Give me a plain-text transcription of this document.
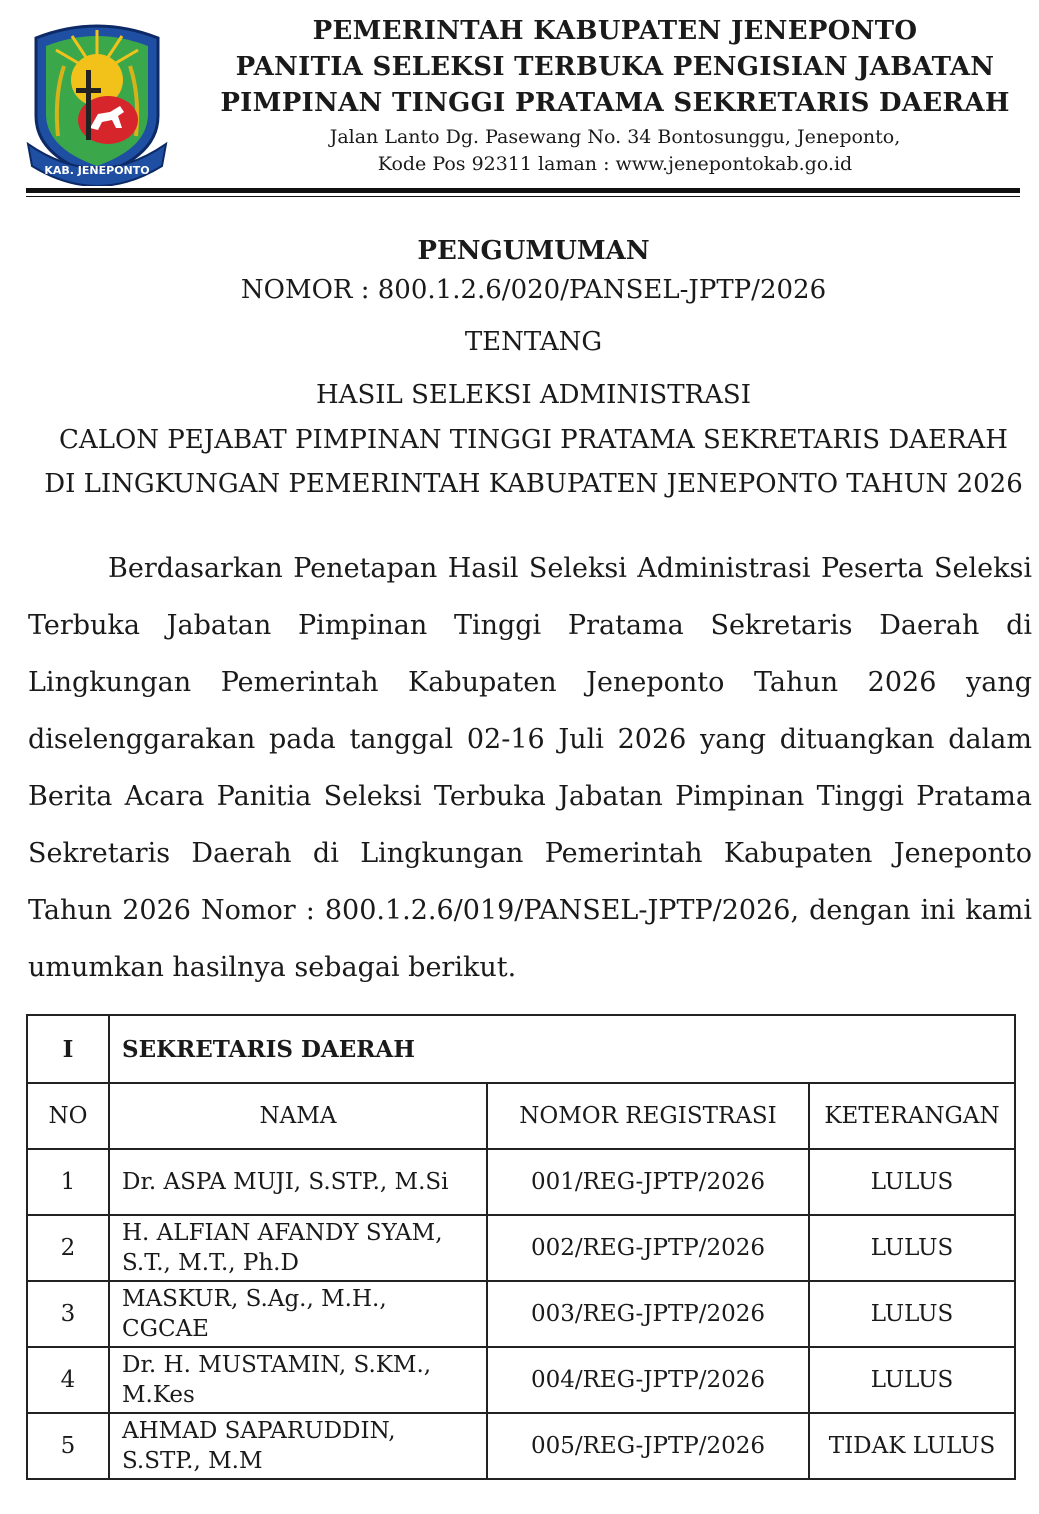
KAB. JENEPONTO
PEMERINTAH KABUPATEN JENEPONTO
PANITIA SELEKSI TERBUKA PENGISIAN JABATAN
PIMPINAN TINGGI PRATAMA SEKRETARIS DAERAH
Jalan Lanto Dg. Pasewang No. 34 Bontosunggu, Jeneponto,
Kode Pos 92311 laman : www.jenepontokab.go.id
PENGUMUMAN
NOMOR : 800.1.2.6/020/PANSEL-JPTP/2026
TENTANG
HASIL SELEKSI ADMINISTRASI
CALON PEJABAT PIMPINAN TINGGI PRATAMA SEKRETARIS DAERAH
DI LINGKUNGAN PEMERINTAH KABUPATEN JENEPONTO TAHUN 2026
Berdasarkan Penetapan Hasil Seleksi Administrasi Peserta Seleksi Terbuka Jabatan Pimpinan Tinggi Pratama Sekretaris Daerah di Lingkungan Pemerintah Kabupaten Jeneponto Tahun 2026 yang diselenggarakan pada tanggal 02-16 Juli 2026 yang dituangkan dalam Berita Acara Panitia Seleksi Terbuka Jabatan Pimpinan Tinggi Pratama Sekretaris Daerah di Lingkungan Pemerintah Kabupaten Jeneponto Tahun 2026 Nomor : 800.1.2.6/019/PANSEL-JPTP/2026, dengan ini kami umumkan hasilnya sebagai berikut.
I	SEKRETARIS DAERAH		
NO	NAMA	NOMOR REGISTRASI	KETERANGAN
1	Dr. ASPA MUJI, S.STP., M.Si	001/REG-JPTP/2026	LULUS
2	H. ALFIAN AFANDY SYAM,
S.T., M.T., Ph.D	002/REG-JPTP/2026	LULUS
3	MASKUR, S.Ag., M.H., CGCAE	003/REG-JPTP/2026	LULUS
4	Dr. H. MUSTAMIN, S.KM.,
M.Kes	004/REG-JPTP/2026	LULUS
5	AHMAD SAPARUDDIN,
S.STP., M.M	005/REG-JPTP/2026	TIDAK LULUS
